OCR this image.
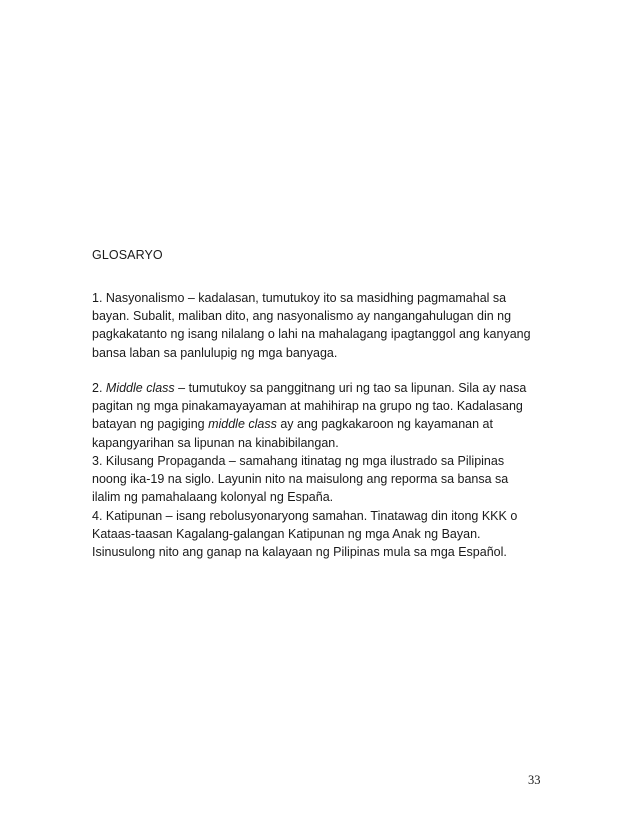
GLOSARYO
1. Nasyonalismo – kadalasan, tumutukoy ito sa masidhing pagmamahal sa
bayan. Subalit, maliban dito, ang nasyonalismo ay nangangahulugan din ng
pagkakatanto ng isang nilalang o lahi na mahalagang ipagtanggol ang kanyang
bansa laban sa panlulupig ng mga banyaga.
2. Middle class – tumutukoy sa panggitnang uri ng tao sa lipunan. Sila ay nasa
pagitan ng mga pinakamayayaman at mahihirap na grupo ng tao. Kadalasang
batayan ng pagiging middle class ay ang pagkakaroon ng kayamanan at
kapangyarihan sa lipunan na kinabibilangan.
3. Kilusang Propaganda – samahang itinatag ng mga ilustrado sa Pilipinas
noong ika-19 na siglo. Layunin nito na maisulong ang reporma sa bansa sa
ilalim ng pamahalaang kolonyal ng España.
4. Katipunan – isang rebolusyonaryong samahan. Tinatawag din itong KKK o
Kataas-taasan Kagalang-galangan Katipunan ng mga Anak ng Bayan.
Isinusulong nito ang ganap na kalayaan ng Pilipinas mula sa mga Español.
33
